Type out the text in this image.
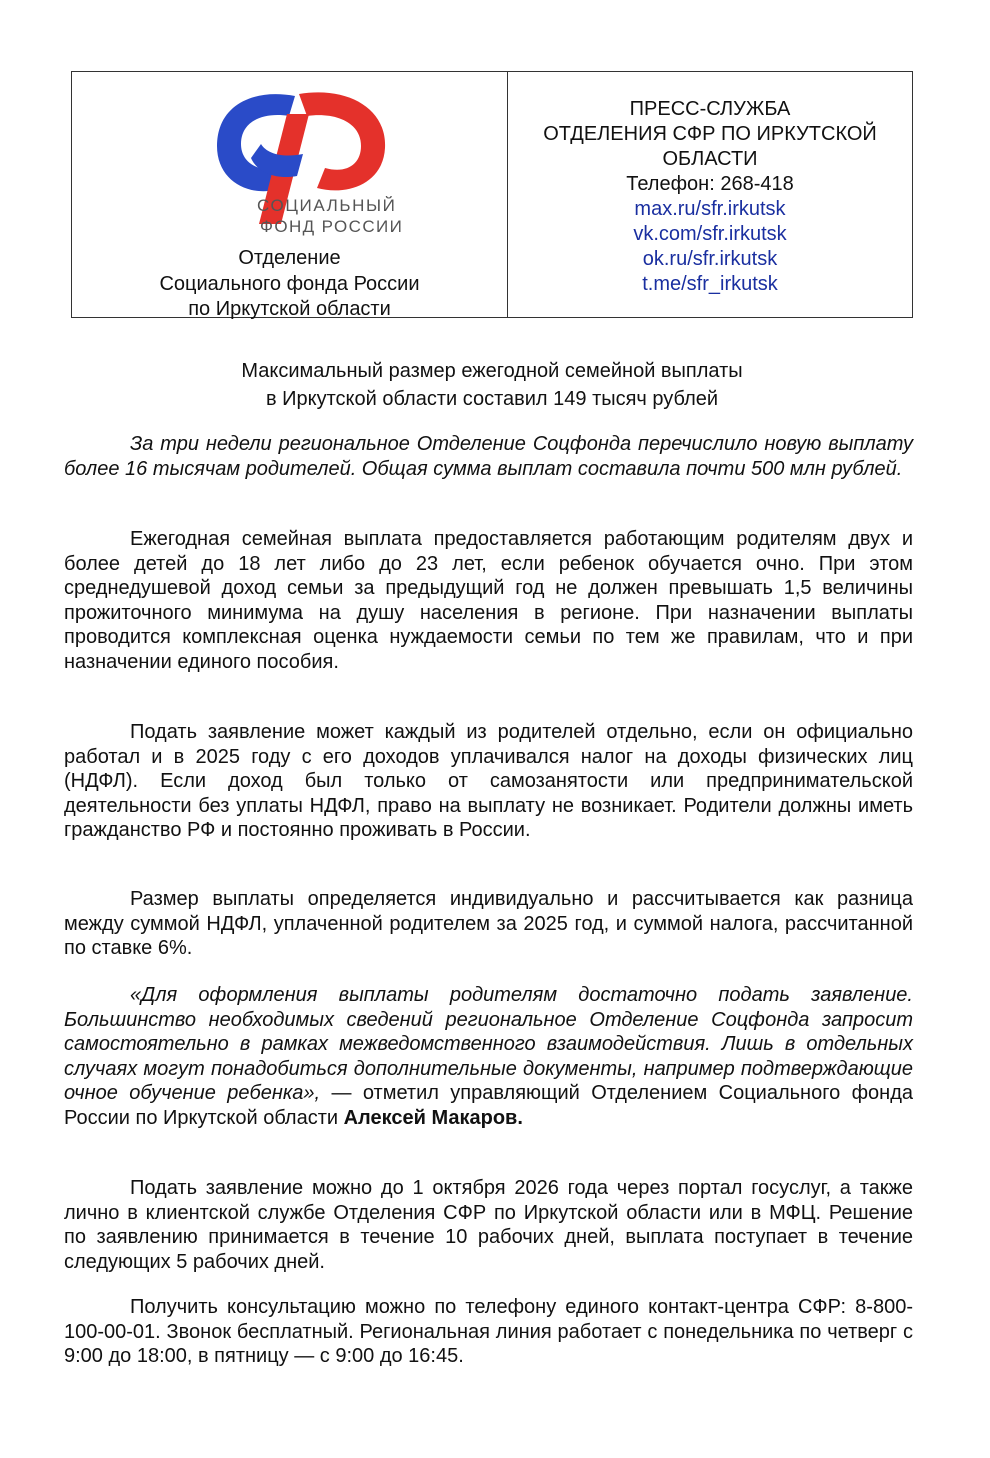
СОЦИАЛЬНЫЙ
ФОНД РОССИИ
Отделение
Социального фонда России
по Иркутской области
ПРЕСС-СЛУЖБА
ОТДЕЛЕНИЯ СФР ПО ИРКУТСКОЙ
ОБЛАСТИ
Телефон: 268-418
max.ru/sfr.irkutsk
vk.com/sfr.irkutsk
ok.ru/sfr.irkutsk
t.me/sfr_irkutsk
Максимальный размер ежегодной семейной выплаты
в Иркутской области составил 149 тысяч рублей
За три недели региональное Отделение Соцфонда перечислило новую выплату более 16 тысячам родителей. Общая сумма выплат составила почти 500 млн рублей.
Ежегодная семейная выплата предоставляется работающим родителям двух и более детей до 18 лет либо до 23 лет, если ребенок обучается очно. При этом среднедушевой доход семьи за предыдущий год не должен превышать 1,5 величины прожиточного минимума на душу населения в регионе. При назначении выплаты проводится комплексная оценка нуждаемости семьи по тем же правилам, что и при назначении единого пособия.
Подать заявление может каждый из родителей отдельно, если он официально работал и в 2025 году с его доходов уплачивался налог на доходы физических лиц (НДФЛ). Если доход был только от самозанятости или предпринимательской деятельности без уплаты НДФЛ, право на выплату не возникает. Родители должны иметь гражданство РФ и постоянно проживать в России.
Размер выплаты определяется индивидуально и рассчитывается как разница между суммой НДФЛ, уплаченной родителем за 2025 год, и суммой налога, рассчитанной по ставке 6%.
«Для оформления выплаты родителям достаточно подать заявление. Большинство необходимых сведений региональное Отделение Соцфонда запросит самостоятельно в рамках межведомственного взаимодействия. Лишь в отдельных случаях могут понадобиться дополнительные документы, например подтверждающие очное обучение ребенка», — отметил управляющий Отделением Социального фонда России по Иркутской области Алексей Макаров.
Подать заявление можно до 1 октября 2026 года через портал госуслуг, а также лично в клиентской службе Отделения СФР по Иркутской области или в МФЦ. Решение по заявлению принимается в течение 10 рабочих дней, выплата поступает в течение следующих 5 рабочих дней.
Получить консультацию можно по телефону единого контакт-центра СФР: 8-800-100-00-01. Звонок бесплатный. Региональная линия работает с понедельника по четверг с 9:00 до 18:00, в пятницу — с 9:00 до 16:45.
